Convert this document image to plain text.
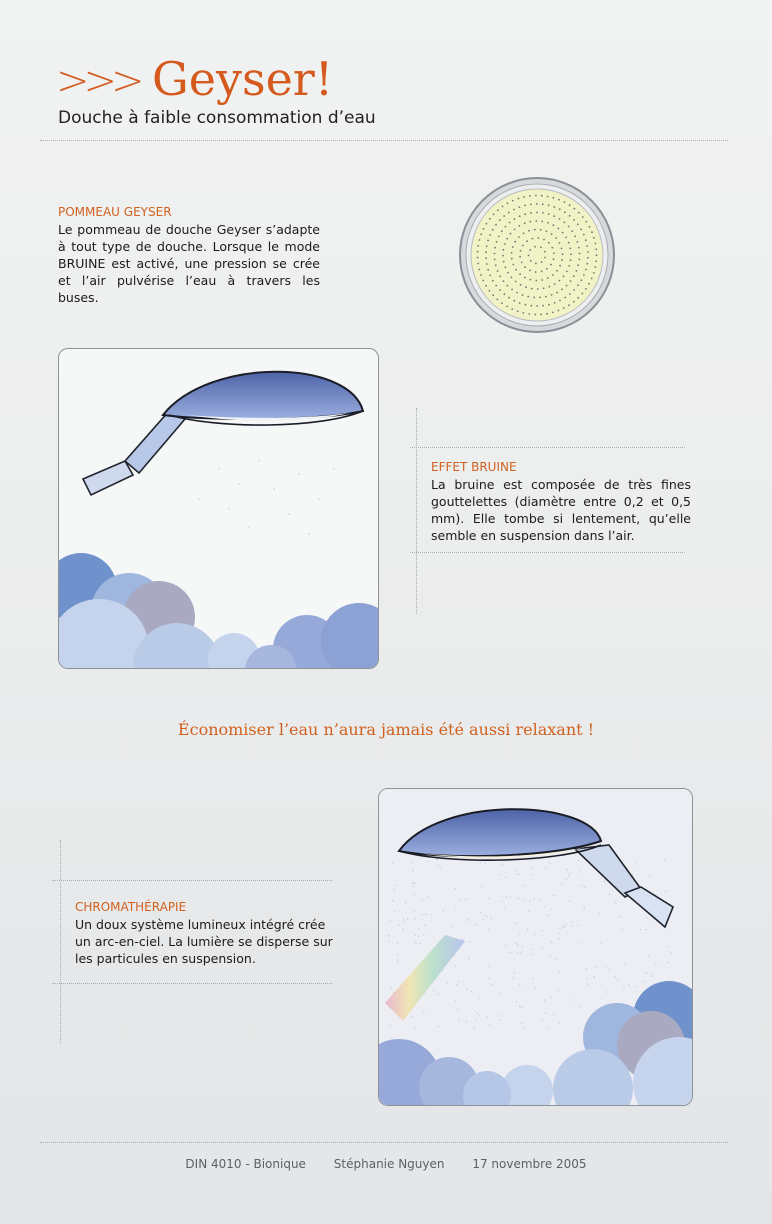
>>> Geyser!
Douche à faible consommation d’eau
POMMEAU GEYSER
Le pommeau de douche Geyser s’adapte à tout type de douche. Lorsque le mode BRUINE est activé, une pression se crée et l’air pulvérise l’eau à travers les buses.
EFFET BRUINE
La bruine est composée de très fines gouttelettes (diamètre entre 0,2 et 0,5 mm). Elle tombe si lentement, qu’elle semble en suspension dans l’air.
Économiser l’eau n’aura jamais été aussi relaxant !
CHROMATHÉRAPIE
Un doux système lumineux intégré crée un arc-en-ciel. La lumière se disperse sur les particules en suspension.
DIN 4010 - Bionique Stéphanie Nguyen 17 novembre 2005
